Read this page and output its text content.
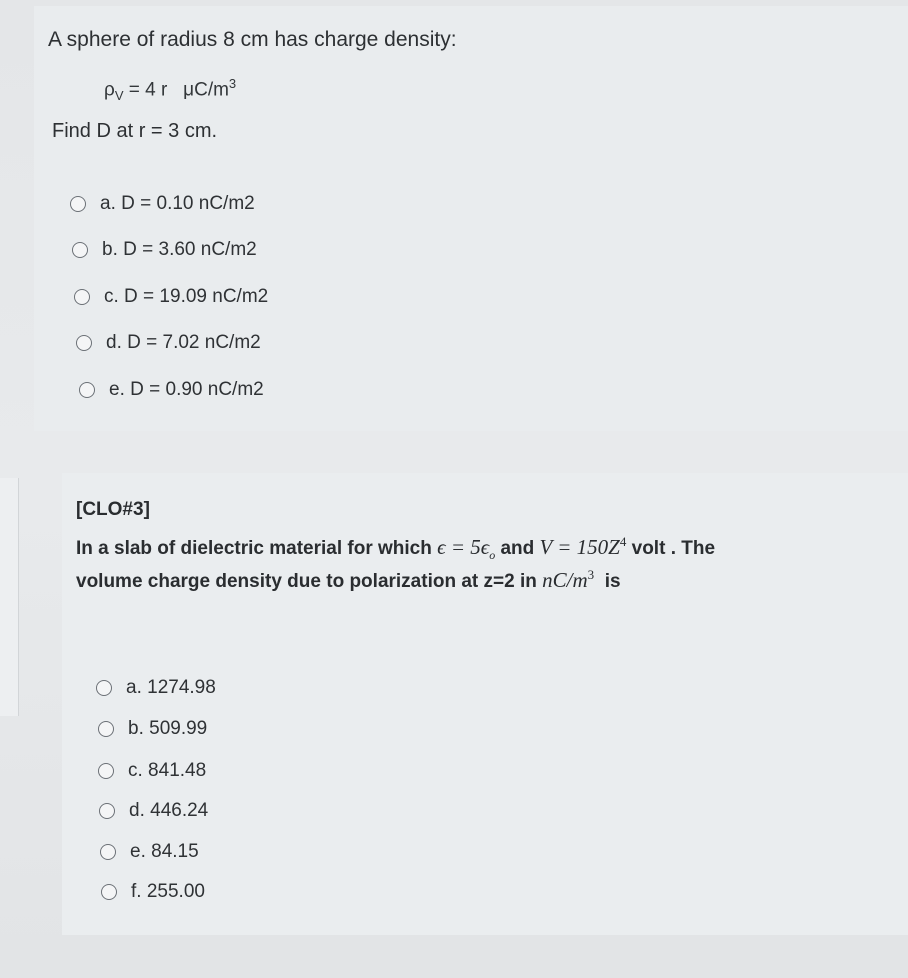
A sphere of radius 8 cm has charge density:
$\rho_V = 4$ r   $\mu C/m^3$
Find D at r = 3 cm.
a. D = 0.10 nC/m2
b. D = 3.60 nC/m2
c. D = 19.09 nC/m2
d. D = 7.02 nC/m2
e. D = 0.90 nC/m2
[CLO#3]
In a slab of dielectric material for which $\epsilon = 5\epsilon_o$ and $V = 150Z^4$ volt . The
volume charge density due to polarization at z=2 in $nC/m^3$  is
a. 1274.98
b. 509.99
c. 841.48
d. 446.24
e. 84.15
f. 255.00
